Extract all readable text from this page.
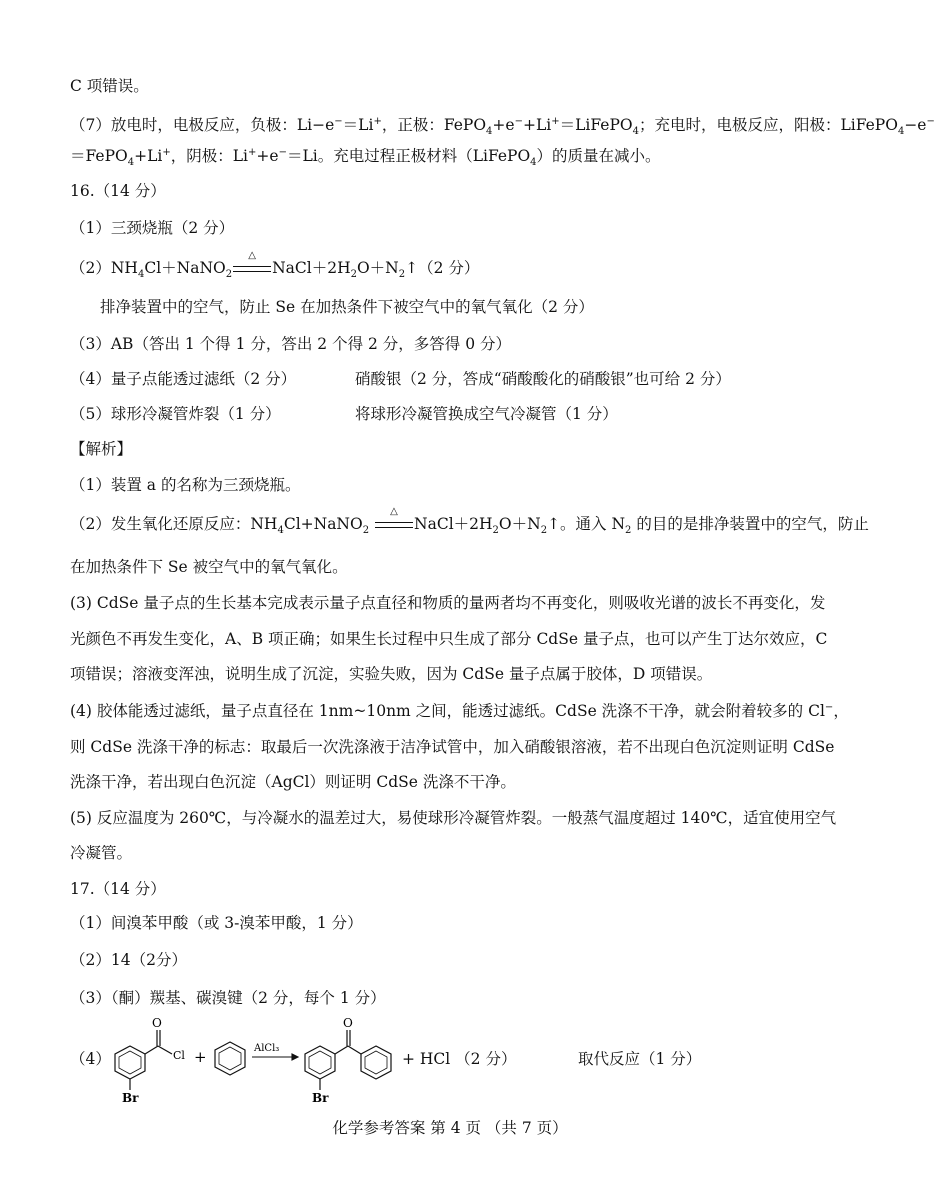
C 项错误。
（7）放电时，电极反应，负极：Li−e−＝Li+，正极：FePO$_4$+e−+Li+＝LiFePO$_4$；充电时，电极反应，阳极：LiFePO$_4$−e−
＝FePO$_4$+Li+，阴极：Li++e−＝Li。充电过程正极材料（LiFePO$_4$）的质量在减小。
16.（14 分）
（1）三颈烧瓶（2 分）
$(2)NH_4Cl+NaNO_2$
△
$NaCl+2H_2O+N_2↑(2$ 分）
排净装置中的空气，防止 Se 在加热条件下被空气中的氧气氧化（2 分）
（3）AB（答出 1 个得 1 分，答出 2 个得 2 分，多答得 0 分）
（4）量子点能透过滤纸（2 分）	硝酸银（2 分，答成“硝酸酸化的硝酸银”也可给 2 分）
（5）球形冷凝管炸裂（1 分）	将球形冷凝管换成空气冷凝管（1 分）
【解析】
（1）装置 a 的名称为三颈烧瓶。
（2）发生氧化还原反应：$NH_4Cl+NaNO_2$
△
$NaCl+2H_2O+N_2↑$。通入 $N_2$ 的目的是排净装置中的空气，防止
在加热条件下 Se 被空气中的氧气氧化。
(3) CdSe 量子点的生长基本完成表示量子点直径和物质的量两者均不再变化，则吸收光谱的波长不再变化，发
光颜色不再发生变化，A、B 项正确；如果生长过程中只生成了部分 CdSe 量子点，也可以产生丁达尔效应，C
项错误；溶液变浑浊，说明生成了沉淀，实验失败，因为 CdSe 量子点属于胶体，D 项错误。
(4) 胶体能透过滤纸，量子点直径在 1nm~10nm 之间，能透过滤纸。CdSe 洗涤不干净，就会附着较多的 Cl−，
则 CdSe 洗涤干净的标志：取最后一次洗涤液于洁净试管中，加入硝酸银溶液，若不出现白色沉淀则证明 CdSe
洗涤干净，若出现白色沉淀（AgCl）则证明 CdSe 洗涤不干净。
(5) 反应温度为 260℃，与冷凝水的温差过大，易使球形冷凝管炸裂。一般蒸气温度超过 140℃，适宜使用空气
冷凝管。
17.（14 分）
（1）间溴苯甲酸（或 3-溴苯甲酸，1 分）
（2）14（2分）
（3）（酮）羰基、碳溴键（2 分，每个 1 分）
（4）
O
Cl
Br
+	AlCl₃
O
Br
+ HCl （2 分）	取代反应（1 分）
化学参考答案 第 4 页 （共 7 页）
